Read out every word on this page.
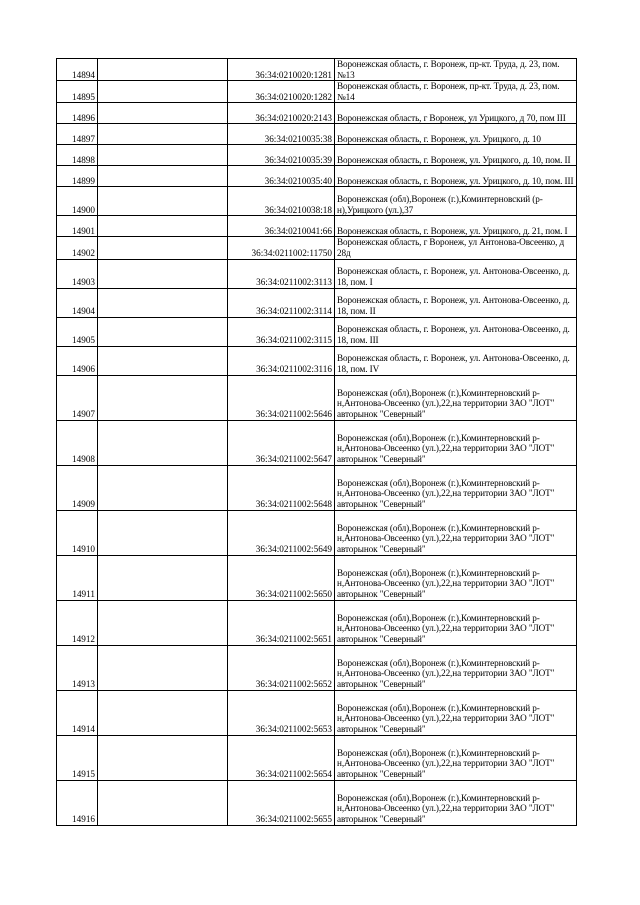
14894		36:34:0210020:1281	Воронежская область, г. Воронеж, пр-кт. Труда, д. 23, пом. №13
14895		36:34:0210020:1282	Воронежская область, г. Воронеж, пр-кт. Труда, д. 23, пом. №14
14896		36:34:0210020:2143	Воронежская область, г Воронеж, ул Урицкого, д 70, пом III
14897		36:34:0210035:38	Воронежская область, г. Воронеж, ул. Урицкого, д. 10
14898		36:34:0210035:39	Воронежская область, г. Воронеж, ул. Урицкого, д. 10, пом. II
14899		36:34:0210035:40	Воронежская область, г. Воронеж, ул. Урицкого, д. 10, пом. III
14900		36:34:0210038:18	Воронежская (обл),Воронеж (г.),Коминтерновский (р-н),Урицкого (ул.),37
14901		36:34:0210041:66	Воронежская область, г. Воронеж, ул. Урицкого, д. 21, пом. I
14902		36:34:0211002:11750	Воронежская область, г Воронеж, ул Антонова-Овсеенко, д 28д
14903		36:34:0211002:3113	Воронежская область, г. Воронеж, ул. Антонова-Овсеенко, д. 18, пом. I
14904		36:34:0211002:3114	Воронежская область, г. Воронеж, ул. Антонова-Овсеенко, д. 18, пом. II
14905		36:34:0211002:3115	Воронежская область, г. Воронеж, ул. Антонова-Овсеенко, д. 18, пом. III
14906		36:34:0211002:3116	Воронежская область, г. Воронеж, ул. Антонова-Овсеенко, д. 18, пом. IV
14907		36:34:0211002:5646	Воронежская (обл),Воронеж (г.),Коминтерновский р-н,Антонова-Овсеенко (ул.),22,на территории ЗАО "ЛОТ" авторынок "Северный"
14908		36:34:0211002:5647	Воронежская (обл),Воронеж (г.),Коминтерновский р-н,Антонова-Овсеенко (ул.),22,на территории ЗАО "ЛОТ" авторынок "Северный"
14909		36:34:0211002:5648	Воронежская (обл),Воронеж (г.),Коминтерновский р-н,Антонова-Овсеенко (ул.),22,на территории ЗАО "ЛОТ" авторынок "Северный"
14910		36:34:0211002:5649	Воронежская (обл),Воронеж (г.),Коминтерновский р-н,Антонова-Овсеенко (ул.),22,на территории ЗАО "ЛОТ" авторынок "Северный"
14911		36:34:0211002:5650	Воронежская (обл),Воронеж (г.),Коминтерновский р-н,Антонова-Овсеенко (ул.),22,на территории ЗАО "ЛОТ" авторынок "Северный"
14912		36:34:0211002:5651	Воронежская (обл),Воронеж (г.),Коминтерновский р-н,Антонова-Овсеенко (ул.),22,на территории ЗАО "ЛОТ" авторынок "Северный"
14913		36:34:0211002:5652	Воронежская (обл),Воронеж (г.),Коминтерновский р-н,Антонова-Овсеенко (ул.),22,на территории ЗАО "ЛОТ" авторынок "Северный"
14914		36:34:0211002:5653	Воронежская (обл),Воронеж (г.),Коминтерновский р-н,Антонова-Овсеенко (ул.),22,на территории ЗАО "ЛОТ" авторынок "Северный"
14915		36:34:0211002:5654	Воронежская (обл),Воронеж (г.),Коминтерновский р-н,Антонова-Овсеенко (ул.),22,на территории ЗАО "ЛОТ" авторынок "Северный"
14916		36:34:0211002:5655	Воронежская (обл),Воронеж (г.),Коминтерновский р-н,Антонова-Овсеенко (ул.),22,на территории ЗАО "ЛОТ" авторынок "Северный"
